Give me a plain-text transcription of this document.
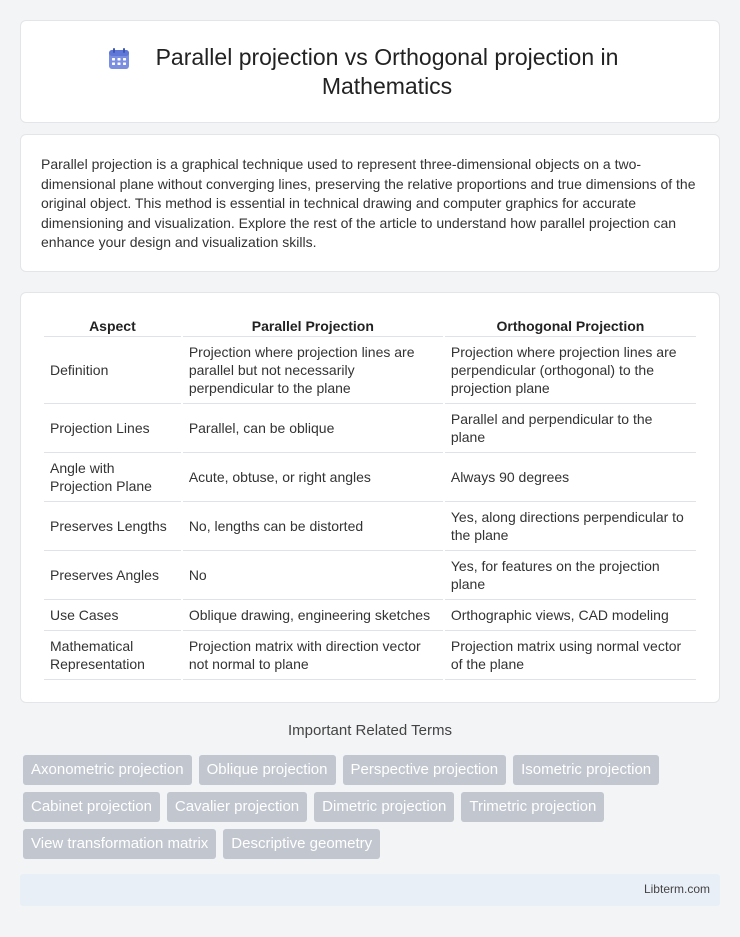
Parallel projection vs Orthogonal projection in Mathematics

Parallel projection is a graphical technique used to represent three-dimensional objects on a two-dimensional plane without converging lines, preserving the relative proportions and true dimensions of the original object. This method is essential in technical drawing and computer graphics for accurate dimensioning and visualization. Explore the rest of the article to understand how parallel projection can enhance your design and visualization skills.

Aspect	Parallel Projection	Orthogonal Projection
Definition	Projection where projection lines are parallel but not necessarily perpendicular to the plane	Projection where projection lines are perpendicular (orthogonal) to the projection plane
Projection Lines	Parallel, can be oblique	Parallel and perpendicular to the plane
Angle with Projection Plane	Acute, obtuse, or right angles	Always 90 degrees
Preserves Lengths	No, lengths can be distorted	Yes, along directions perpendicular to the plane
Preserves Angles	No	Yes, for features on the projection plane
Use Cases	Oblique drawing, engineering sketches	Orthographic views, CAD modeling
Mathematical Representation	Projection matrix with direction vector not normal to plane	Projection matrix using normal vector of the plane
Important Related Terms
Axonometric projection	Oblique projection	Perspective projection	Isometric projection
Cabinet projection	Cavalier projection	Dimetric projection	Trimetric projection
View transformation matrix	Descriptive geometry
Libterm.com
